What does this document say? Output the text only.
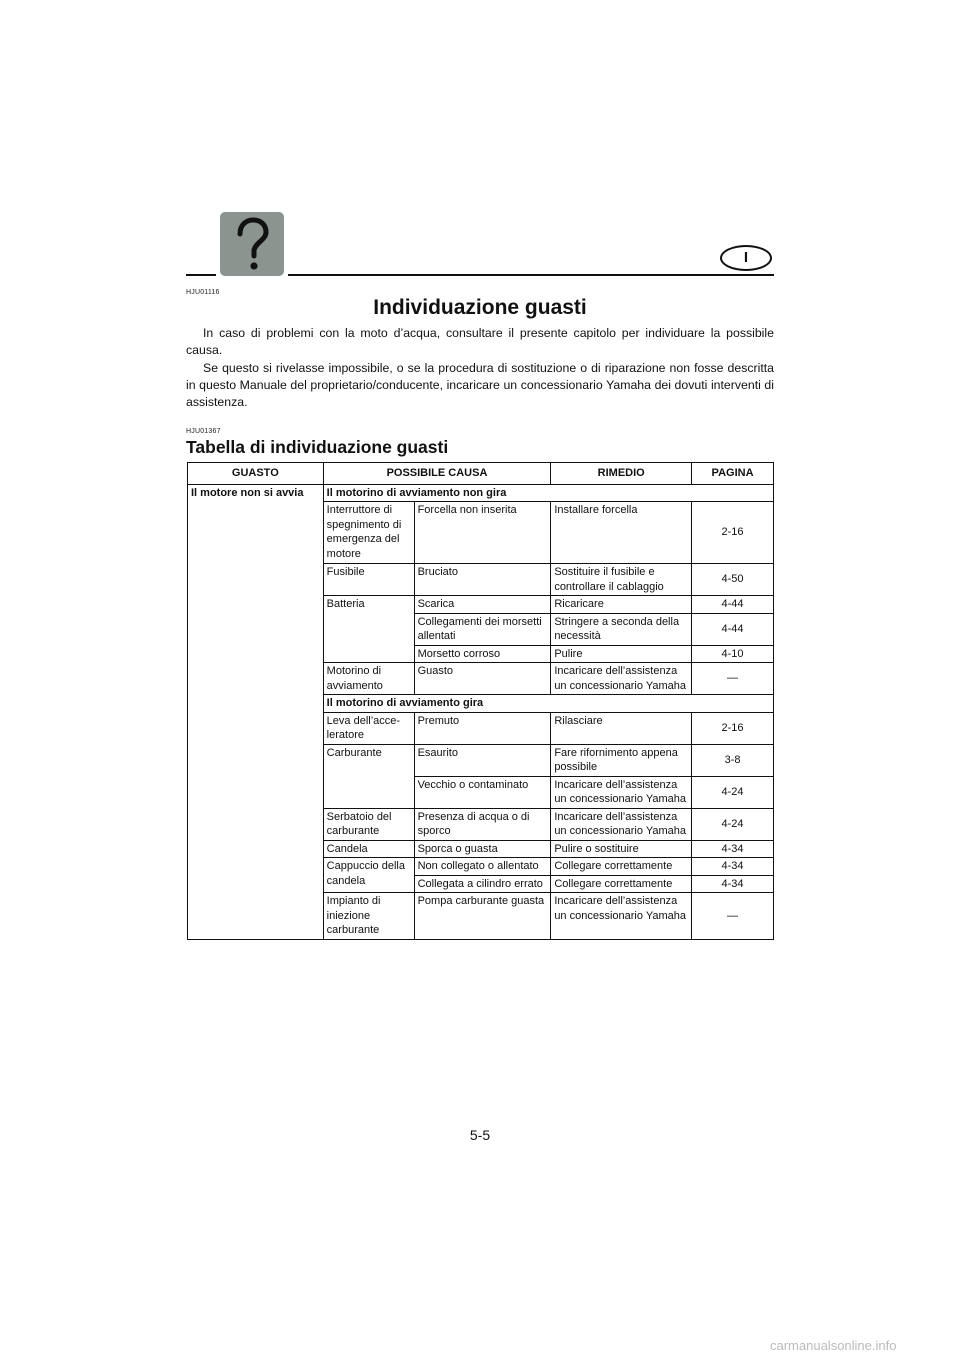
I
HJU01116
Individuazione guasti

In caso di problemi con la moto d’acqua, consultare il presente capitolo per individuare la possibile causa.

Se questo si rivelasse impossibile, o se la procedura di sostituzione o di riparazione non fosse descritta in questo Manuale del proprietario/conducente, incaricare un concessionario Yamaha dei dovuti interventi di assistenza.

HJU01367
Tabella di individuazione guasti
GUASTO	POSSIBILE CAUSA		RIMEDIO	PAGINA
Il motore non si avvia	Il motorino di avviamento non gira			
	Interruttore di spegnimento di emergenza del motore	Forcella non inserita	Installare forcella	2-16
	Fusibile	Bruciato	Sostituire il fusibile e controllare il cablaggio	4-50
	Batteria	Scarica	Ricaricare	4-44
		Collegamenti dei morsetti allentati	Stringere a seconda della necessità	4-44
		Morsetto corroso	Pulire	4-10
	Motorino di avviamento	Guasto	Incaricare dell’assistenza un concessionario Yamaha	—
	Il motorino di avviamento gira			
	Leva dell’acce-leratore	Premuto	Rilasciare	2-16
	Carburante	Esaurito	Fare rifornimento appena possibile	3-8
		Vecchio o contaminato	Incaricare dell’assistenza un concessionario Yamaha	4-24
	Serbatoio del carburante	Presenza di acqua o di sporco	Incaricare dell’assistenza un concessionario Yamaha	4-24
	Candela	Sporca o guasta	Pulire o sostituire	4-34
	Cappuccio della candela	Non collegato o allentato	Collegare correttamente	4-34
		Collegata a cilindro errato	Collegare correttamente	4-34
	Impianto di iniezione carburante	Pompa carburante guasta	Incaricare dell’assistenza un concessionario Yamaha	—
5-5
carmanualsonline.info
